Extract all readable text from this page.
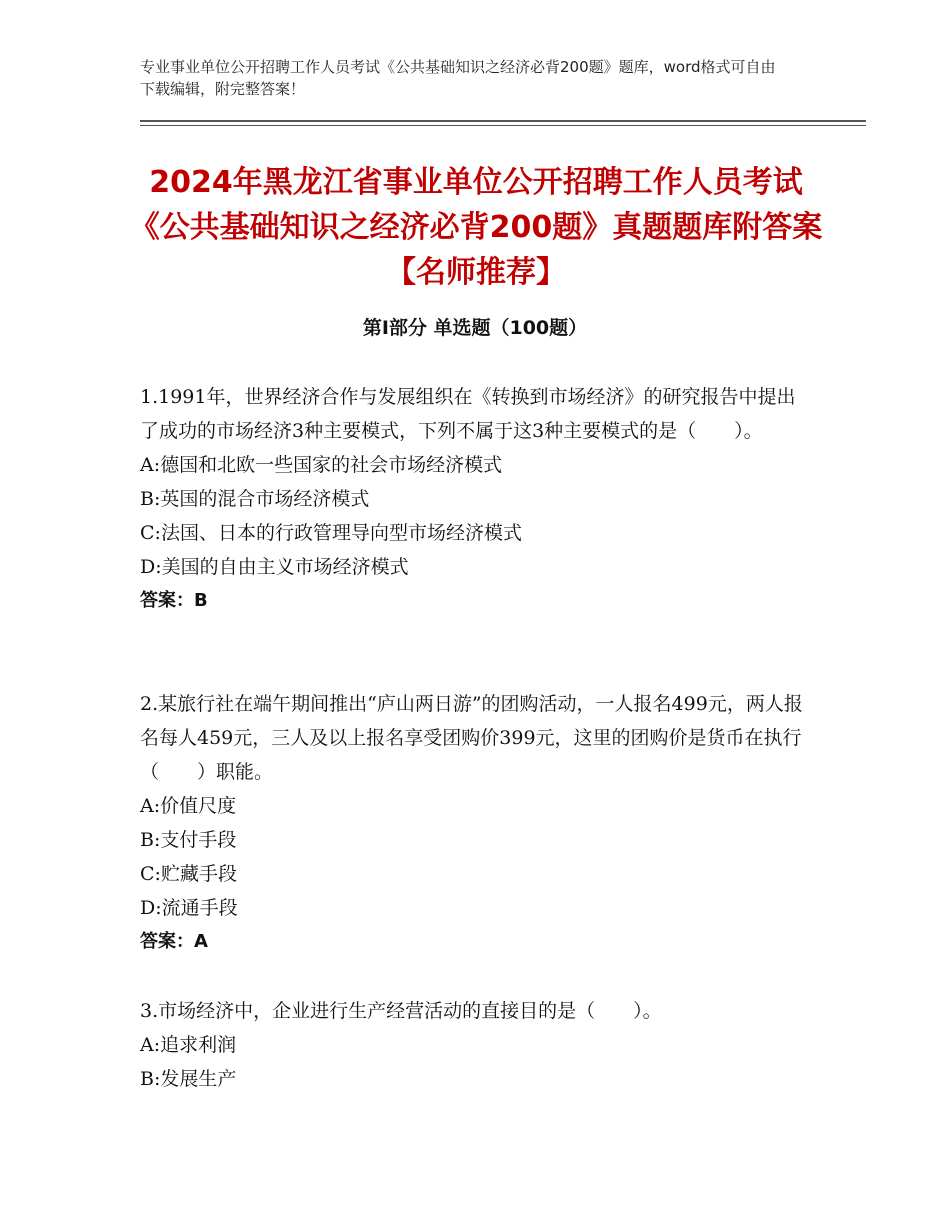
专业事业单位公开招聘工作人员考试《公共基础知识之经济必背200题》题库，word格式可自由下载编辑，附完整答案！
2024年黑龙江省事业单位公开招聘工作人员考试《公共基础知识之经济必背200题》真题题库附答案【名师推荐】
第Ⅰ部分 单选题（100题）
1.1991年，世界经济合作与发展组织在《转换到市场经济》的研究报告中提出了成功的市场经济3种主要模式，下列不属于这3种主要模式的是（　　）。
A:德国和北欧一些国家的社会市场经济模式
B:英国的混合市场经济模式
C:法国、日本的行政管理导向型市场经济模式
D:美国的自由主义市场经济模式
答案：B
2.某旅行社在端午期间推出“庐山两日游”的团购活动，一人报名499元，两人报名每人459元，三人及以上报名享受团购价399元，这里的团购价是货币在执行（　　）职能。
A:价值尺度
B:支付手段
C:贮藏手段
D:流通手段
答案：A
3.市场经济中，企业进行生产经营活动的直接目的是（　　）。
A:追求利润
B:发展生产
